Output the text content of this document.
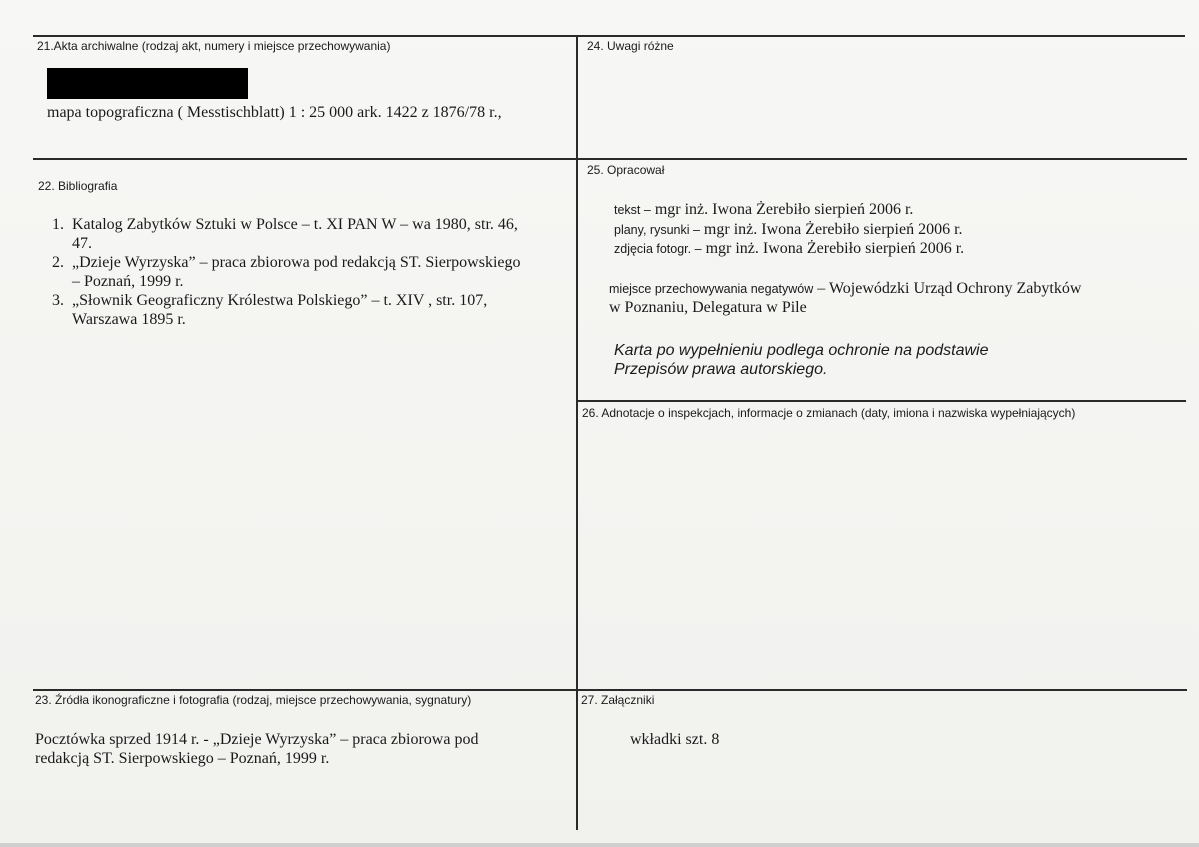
21.Akta archiwalne (rodzaj akt, numery i miejsce przechowywania)
mapa topograficzna ( Messtischblatt) 1 : 25 000 ark. 1422 z 1876/78 r.,
24. Uwagi różne
22. Bibliografia
1. Katalog Zabytków Sztuki w Polsce – t. XI PAN W – wa 1980, str. 46,
47.
2. „Dzieje Wyrzyska” – praca zbiorowa pod redakcją ST. Sierpowskiego
– Poznań, 1999 r.
3. „Słownik Geograficzny Królestwa Polskiego” – t. XIV , str. 107,
Warszawa 1895 r.
25. Opracował
tekst – mgr inż. Iwona Żerebiło sierpień 2006 r.
plany, rysunki – mgr inż. Iwona Żerebiło sierpień 2006 r.
zdjęcia fotogr. – mgr inż. Iwona Żerebiło sierpień 2006 r.
miejsce przechowywania negatywów – Wojewódzki Urząd Ochrony Zabytków
w Poznaniu, Delegatura w Pile
Karta po wypełnieniu podlega ochronie na podstawie
Przepisów prawa autorskiego.
26. Adnotacje o inspekcjach, informacje o zmianach (daty, imiona i nazwiska wypełniających)
23. Źródła ikonograficzne i fotografia (rodzaj, miejsce przechowywania, sygnatury)
Pocztówka sprzed 1914 r. - „Dzieje Wyrzyska” – praca zbiorowa pod
redakcją ST. Sierpowskiego – Poznań, 1999 r.
27. Załączniki
wkładki szt. 8
